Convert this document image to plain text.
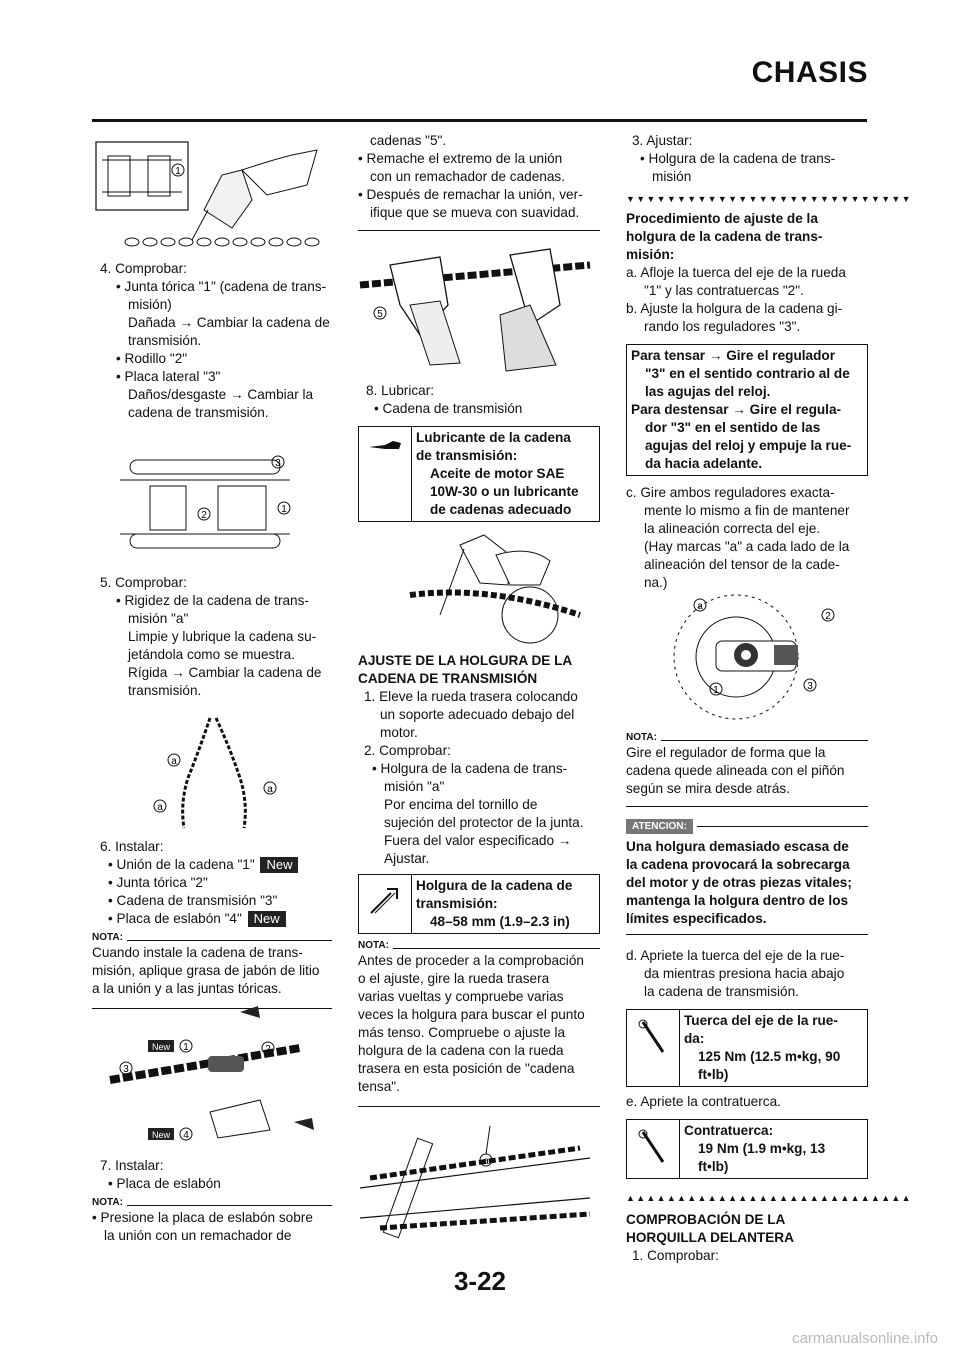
CHASIS
1

4. Comprobar:

• Junta tórica "1" (cadena de trans-

misión)

Dañada → Cambiar la cadena de

transmisión.

• Rodillo "2"

• Placa lateral "3"

Daños/desgaste → Cambiar la

cadena de transmisión.

3
1
2

5. Comprobar:

• Rigidez de la cadena de trans-

misión "a"

Limpie y lubrique la cadena su-

jetándola como se muestra.

Rígida → Cambiar la cadena de

transmisión.

a
a
a

6. Instalar:

• Unión de la cadena "1" New

• Junta tórica "2"

• Cadena de transmisión "3"

• Placa de eslabón "4" New

NOTA:

Cuando instale la cadena de trans-

misión, aplique grasa de jabón de litio

a la unión y a las juntas tóricas.

New
New
1	2
3
4

7. Instalar:

• Placa de eslabón

NOTA:

• Presione la placa de eslabón sobre

la unión con un remachador de

cadenas "5".

• Remache el extremo de la unión

con un remachador de cadenas.

• Después de remachar la unión, ver-

ifique que se mueva con suavidad.

5

8. Lubricar:

• Cadena de transmisión

Lubricante de la cadena
de transmisión:
Aceite de motor SAE
10W-30 o un lubricante
de cadenas adecuado

AJUSTE DE LA HOLGURA DE LA

CADENA DE TRANSMISIÓN

1. Eleve la rueda trasera colocando

un soporte adecuado debajo del

motor.

2. Comprobar:

• Holgura de la cadena de trans-

misión "a"

Por encima del tornillo de

sujeción del protector de la junta.

Fuera del valor especificado →

Ajustar.

Holgura de la cadena de
transmisión:
48–58 mm (1.9–2.3 in)
NOTA:

Antes de proceder a la comprobación

o el ajuste, gire la rueda trasera

varias vueltas y compruebe varias

veces la holgura para buscar el punto

más tenso. Compruebe o ajuste la

holgura de la cadena con la rueda

trasera en esta posición de "cadena

tensa".

a

3. Ajustar:

• Holgura de la cadena de trans-

misión

▼▼▼▼▼▼▼▼▼▼▼▼▼▼▼▼▼▼▼▼▼▼▼▼▼▼▼▼

Procedimiento de ajuste de la

holgura de la cadena de trans-

misión:

a. Afloje la tuerca del eje de la rueda

"1" y las contratuercas "2".

b. Ajuste la holgura de la cadena gi-

rando los reguladores "3".

Para tensar → Gire el regulador
"3" en el sentido contrario al de
las agujas del reloj.
Para destensar → Gire el regula-
dor "3" en el sentido de las
agujas del reloj y empuje la rue-
da hacia adelante.

c. Gire ambos reguladores exacta-

mente lo mismo a fin de mantener

la alineación correcta del eje.

(Hay marcas "a" a cada lado de la

alineación del tensor de la cade-

na.)

a
2
1	3
NOTA:

Gire el regulador de forma que la

cadena quede alineada con el piñón

según se mira desde atrás.

ATENCION:

Una holgura demasiado escasa de

la cadena provocará la sobrecarga

del motor y de otras piezas vitales;

mantenga la holgura dentro de los

límites especificados.

d. Apriete la tuerca del eje de la rue-

da mientras presiona hacia abajo

la cadena de transmisión.

Tuerca del eje de la rue-
da:
125 Nm (12.5 m•kg, 90
ft•lb)

e. Apriete la contratuerca.

Contratuerca:
19 Nm (1.9 m•kg, 13
ft•lb)
▲▲▲▲▲▲▲▲▲▲▲▲▲▲▲▲▲▲▲▲▲▲▲▲▲▲▲▲

COMPROBACIÓN DE LA

HORQUILLA DELANTERA

1. Comprobar:

3-22
carmanualsonline.info
